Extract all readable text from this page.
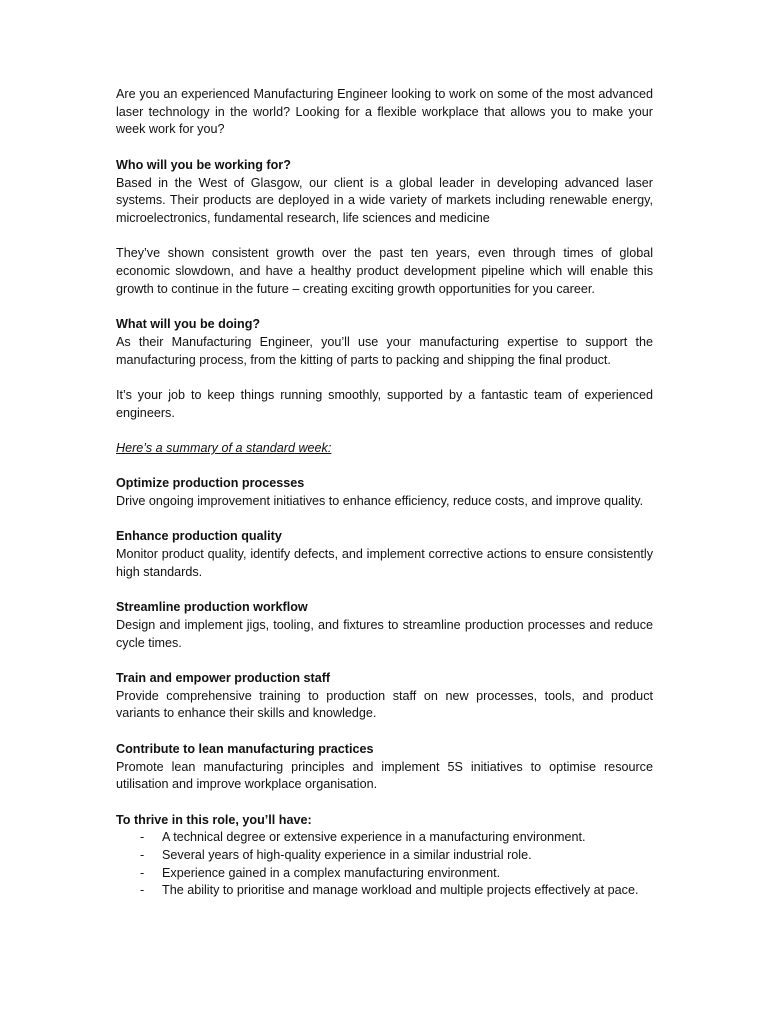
Are you an experienced Manufacturing Engineer looking to work on some of the most advanced laser technology in the world? Looking for a flexible workplace that allows you to make your week work for you?

Who will you be working for?

Based in the West of Glasgow, our client is a global leader in developing advanced laser systems. Their products are deployed in a wide variety of markets including renewable energy, microelectronics, fundamental research, life sciences and medicine

They’ve shown consistent growth over the past ten years, even through times of global economic slowdown, and have a healthy product development pipeline which will enable this growth to continue in the future – creating exciting growth opportunities for you career.

What will you be doing?

As their Manufacturing Engineer, you’ll use your manufacturing expertise to support the manufacturing process, from the kitting of parts to packing and shipping the final product.

It’s your job to keep things running smoothly, supported by a fantastic team of experienced engineers.

Here’s a summary of a standard week:

Optimize production processes

Drive ongoing improvement initiatives to enhance efficiency, reduce costs, and improve quality.

Enhance production quality

Monitor product quality, identify defects, and implement corrective actions to ensure consistently high standards.

Streamline production workflow

Design and implement jigs, tooling, and fixtures to streamline production processes and reduce cycle times.

Train and empower production staff

Provide comprehensive training to production staff on new processes, tools, and product variants to enhance their skills and knowledge.

Contribute to lean manufacturing practices

Promote lean manufacturing principles and implement 5S initiatives to optimise resource utilisation and improve workplace organisation.

To thrive in this role, you’ll have:
- A technical degree or extensive experience in a manufacturing environment.
- Several years of high-quality experience in a similar industrial role.
- Experience gained in a complex manufacturing environment.
- The ability to prioritise and manage workload and multiple projects effectively at pace.
